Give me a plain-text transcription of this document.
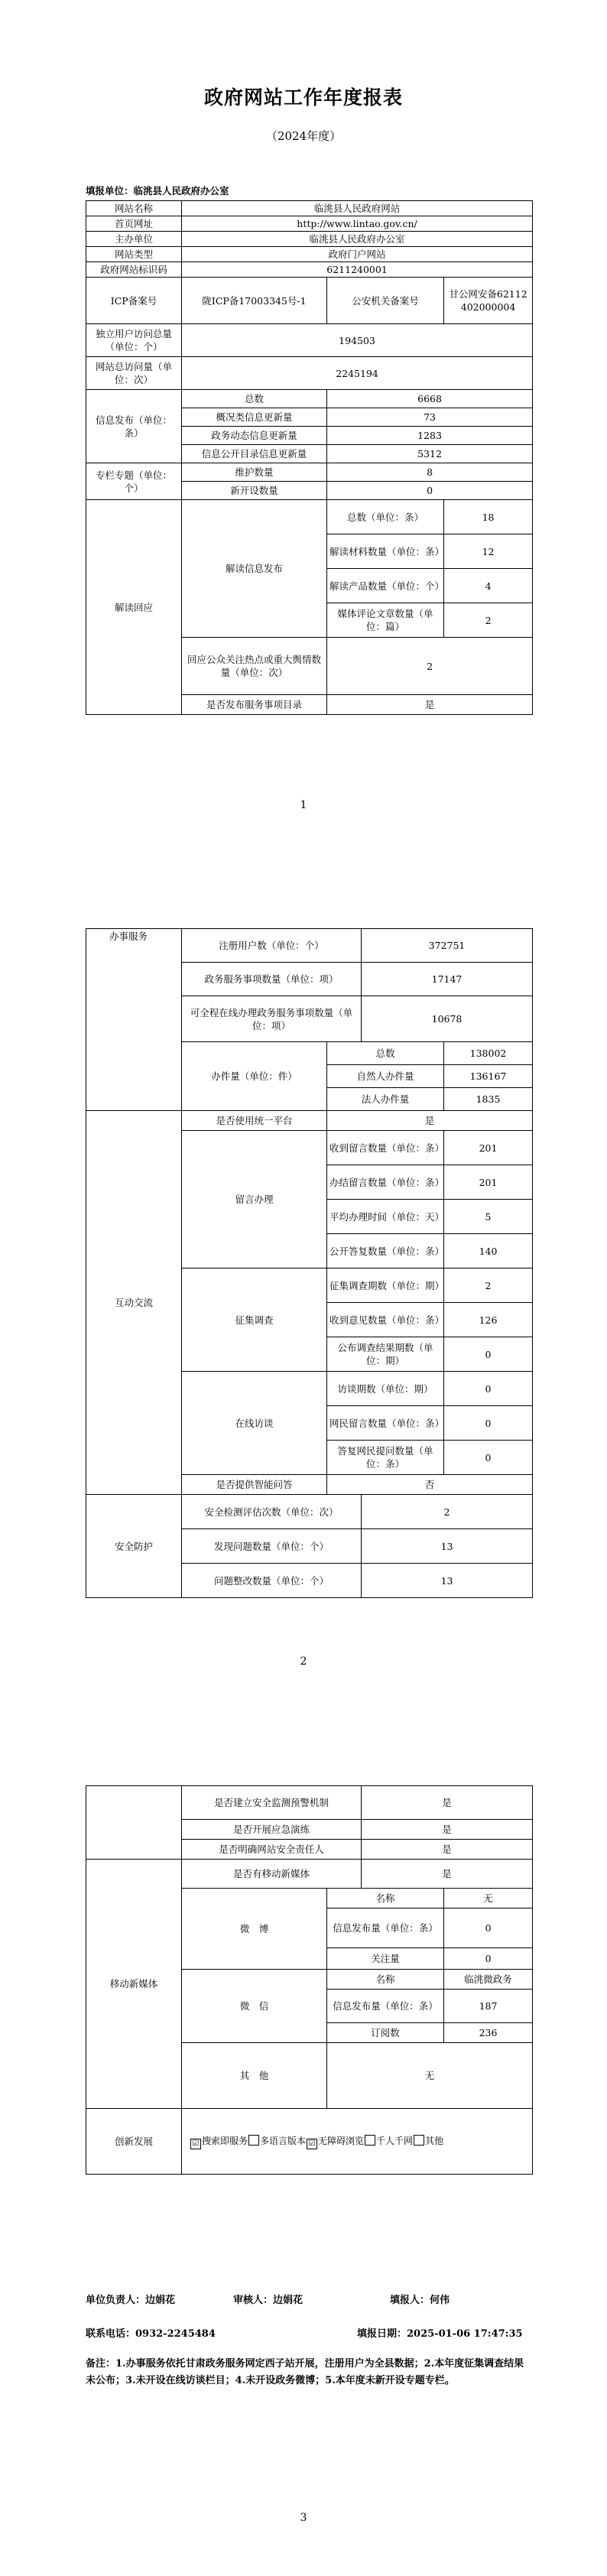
政府网站工作年度报表
（2024年度）
填报单位：临洮县人民政府办公室
网站名称	临洮县人民政府网站		
首页网址	http://www.lintao.gov.cn/		
主办单位	临洮县人民政府办公室		
网站类型	政府门户网站		
政府网站标识码	6211240001		
ICP备案号	陇ICP备17003345号-1	公安机关备案号	甘公网安备62112402000004
独立用户访问总量（单位：个）	194503		
网站总访问量（单位：次）	2245194		
信息发布（单位：条）	总数	6668	
	概况类信息更新量	73	
	政务动态信息更新量	1283	
	信息公开目录信息更新量	5312	
专栏专题（单位：个）	维护数量	8	
	新开设数量	0	
解读回应	解读信息发布	总数（单位：条）	18
		解读材料数量（单位：条）	12
		解读产品数量（单位：个）	4
		媒体评论文章数量（单位：篇）	2
	回应公众关注热点或重大舆情数量（单位：次）	2	
	是否发布服务事项目录	是	
1
办事服务	注册用户数（单位：个）		372751	
	政务服务事项数量（单位：项）		17147	
	可全程在线办理政务服务事项数量（单位：项）		10678	
	办件量（单位：件）	总数		138002
		自然人办件量		136167
		法人办件量		1835
互动交流	是否使用统一平台	是		
	留言办理	收到留言数量（单位：条）		201
		办结留言数量（单位：条）		201
		平均办理时间（单位：天）		5
		公开答复数量（单位：条）		140
	征集调查	征集调查期数（单位：期）		2
		收到意见数量（单位：条）		126
		公布调查结果期数（单位：期）		0
	在线访谈	访谈期数（单位：期）		0
		网民留言数量（单位：条）		0
		答复网民提问数量（单位：条）		0
	是否提供智能问答	否		
安全防护	安全检测评估次数（单位：次）		2	
	发现问题数量（单位：个）		13	
	问题整改数量（单位：个）		13	
2
	是否建立安全监测预警机制		是	
	是否开展应急演练		是	
	是否明确网站安全责任人		是	
移动新媒体	是否有移动新媒体		是	
	微　博	名称		无
		信息发布量（单位：条）		0
		关注量		0
	微　信	名称		临洮微政务
		信息发布量（单位：条）		187
		订阅数		236
	其　他	无		
创新发展	☑ 搜索即服务 多语言版本 ☑ 无障碍浏览 千人千网 其他			
单位负责人：边娟花	审核人：边娟花	填报人：何伟
联系电话：0932-2245484	填报日期：2025-01-06 17:47:35
备注：1.办事服务依托甘肃政务服务网定西子站开展，注册用户为全县数据；2.本年度征集调查结果未公布；3.未开设在线访谈栏目；4.未开设政务微博；5.本年度未新开设专题专栏。
3
